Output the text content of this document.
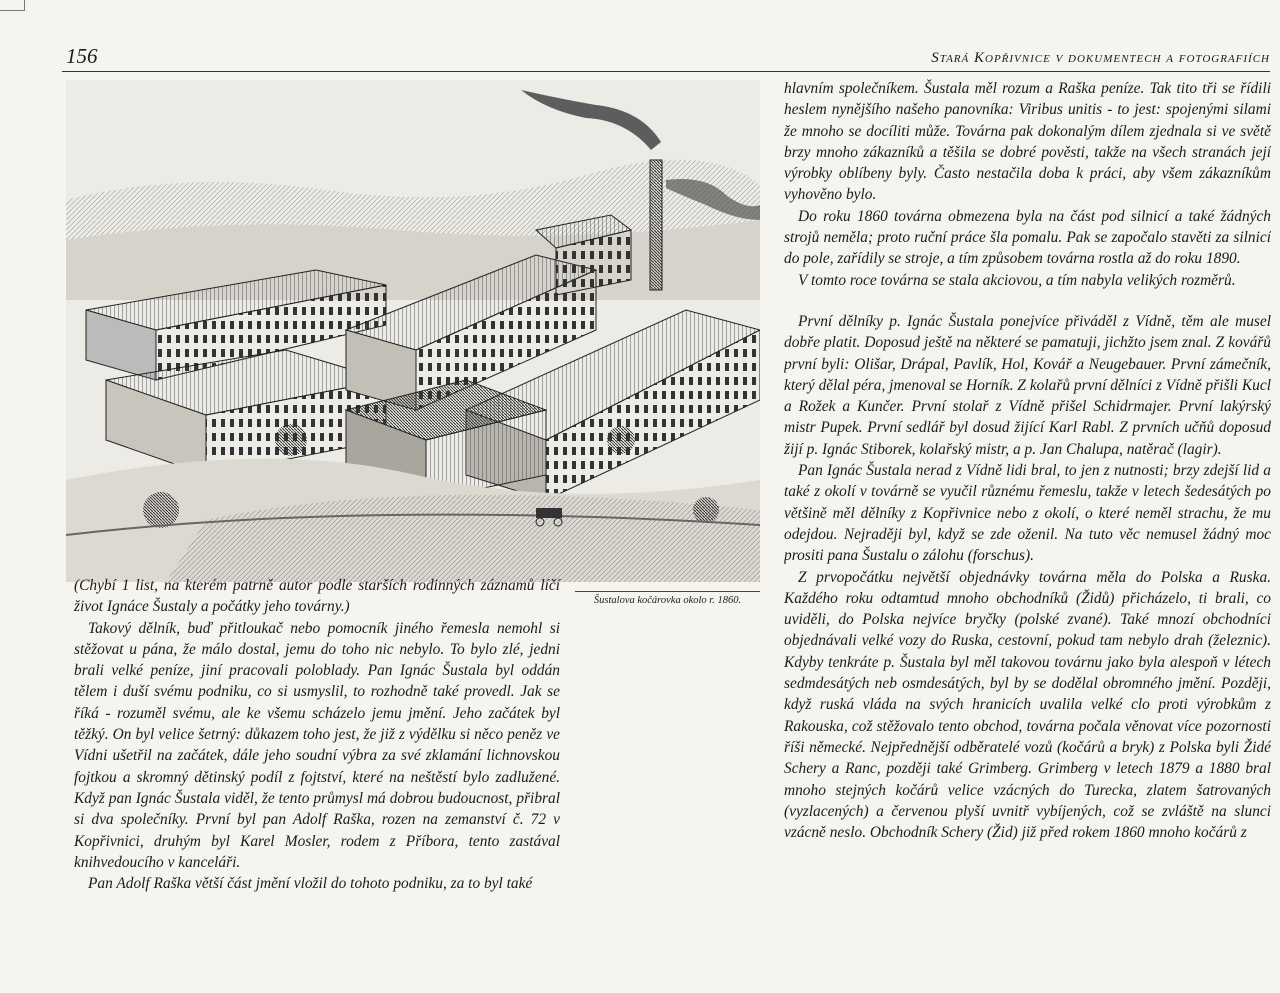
156	Stará Kopřivnice v dokumentech a fotografiích
Šustalova kočárovka okolo r. 1860.

(Chybí 1 list, na kterém patrně autor podle starších rodinných záznamů líčí život Ignáce Šustaly a počátky jeho továrny.)

Takový dělník, buď přitloukač nebo pomocník jiného řemesla nemohl si stěžovat u pána, že málo dostal, jemu do toho nic nebylo. To bylo zlé, jedni brali velké peníze, jiní pracovali poloblady. Pan Ignác Šustala byl oddán tělem i duší svému podniku, co si usmyslil, to rozhodně také provedl. Jak se říká - rozuměl svému, ale ke všemu scházelo jemu jmění. Jeho začátek byl těžký. On byl velice šetrný: důkazem toho jest, že již z výdělku si něco peněz ve Vídni ušetřil na začátek, dále jeho soudní výbra za své zklamání lichnovskou fojtkou a skromný dětinský podíl z fojtství, které na neštěstí bylo zadlužené. Když pan Ignác Šustala viděl, že tento průmysl má dobrou budoucnost, přibral si dva společníky. První byl pan Adolf Raška, rozen na zemanství č. 72 v Kopřivnici, druhým byl Karel Mosler, rodem z Příbora, tento zastával knihvedoucího v kanceláři.

Pan Adolf Raška větší část jmění vložil do tohoto podniku, za to byl také

hlavním společníkem. Šustala měl rozum a Raška peníze. Tak tito tři se řídili heslem nynějšího našeho panovníka: Viribus unitis - to jest: spojenými silami že mnoho se docíliti může. Továrna pak dokonalým dílem zjednala si ve světě brzy mnoho zákazníků a těšila se dobré pověsti, takže na všech stranách její výrobky oblíbeny byly. Často nestačila doba k práci, aby všem zákazníkům vyhověno bylo.

Do roku 1860 továrna obmezena byla na část pod silnicí a také žádných strojů neměla; proto ruční práce šla pomalu. Pak se započalo stavěti za silnicí do pole, zařídily se stroje, a tím způsobem továrna rostla až do roku 1890.

V tomto roce továrna se stala akciovou, a tím nabyla velikých rozměrů.

První dělníky p. Ignác Šustala ponejvíce přiváděl z Vídně, těm ale musel dobře platit. Doposud ještě na některé se pamatuji, jichžto jsem znal. Z kovářů první byli: Olišar, Drápal, Pavlík, Hol, Kovář a Neugebauer. První zámečník, který dělal péra, jmenoval se Horník. Z kolařů první dělníci z Vídně přišli Kucl a Rožek a Kunčer. První stolař z Vídně přišel Schidrmajer. První lakýrský mistr Pupek. První sedlář byl dosud žijící Karl Rabl. Z prvních učňů doposud žijí p. Ignác Stiborek, kolařský mistr, a p. Jan Chalupa, natěrač (lagir).

Pan Ignác Šustala nerad z Vídně lidi bral, to jen z nutnosti; brzy zdejší lid a také z okolí v továrně se vyučil různému řemeslu, takže v letech šedesátých po většině měl dělníky z Kopřivnice nebo z okolí, o které neměl strachu, že mu odejdou. Nejraději byl, když se zde oženil. Na tuto věc nemusel žádný moc prositi pana Šustalu o zálohu (forschus).

Z prvopočátku největší objednávky továrna měla do Polska a Ruska. Každého roku odtamtud mnoho obchodníků (Židů) přicházelo, ti brali, co uviděli, do Polska nejvíce bryčky (polské zvané). Také mnozí obchodníci objednávali velké vozy do Ruska, cestovní, pokud tam nebylo drah (železnic). Kdyby tenkráte p. Šustala byl měl takovou továrnu jako byla alespoň v létech sedmdesátých neb osmdesátých, byl by se dodělal obromného jmění. Později, když ruská vláda na svých hranicích uvalila velké clo proti výrobkům z Rakouska, což stěžovalo tento obchod, továrna počala věnovat více pozornosti říši německé. Nejpřednější odběratelé vozů (kočárů a bryk) z Polska byli Židé Schery a Ranc, později také Grimberg. Grimberg v letech 1879 a 1880 bral mnoho stejných kočárů velice vzácných do Turecka, zlatem šatrovaných (vyzlacených) a červenou plyší uvnitř vybíjených, což se zvláště na slunci vzácně neslo. Obchodník Schery (Žid) již před rokem 1860 mnoho kočárů z
